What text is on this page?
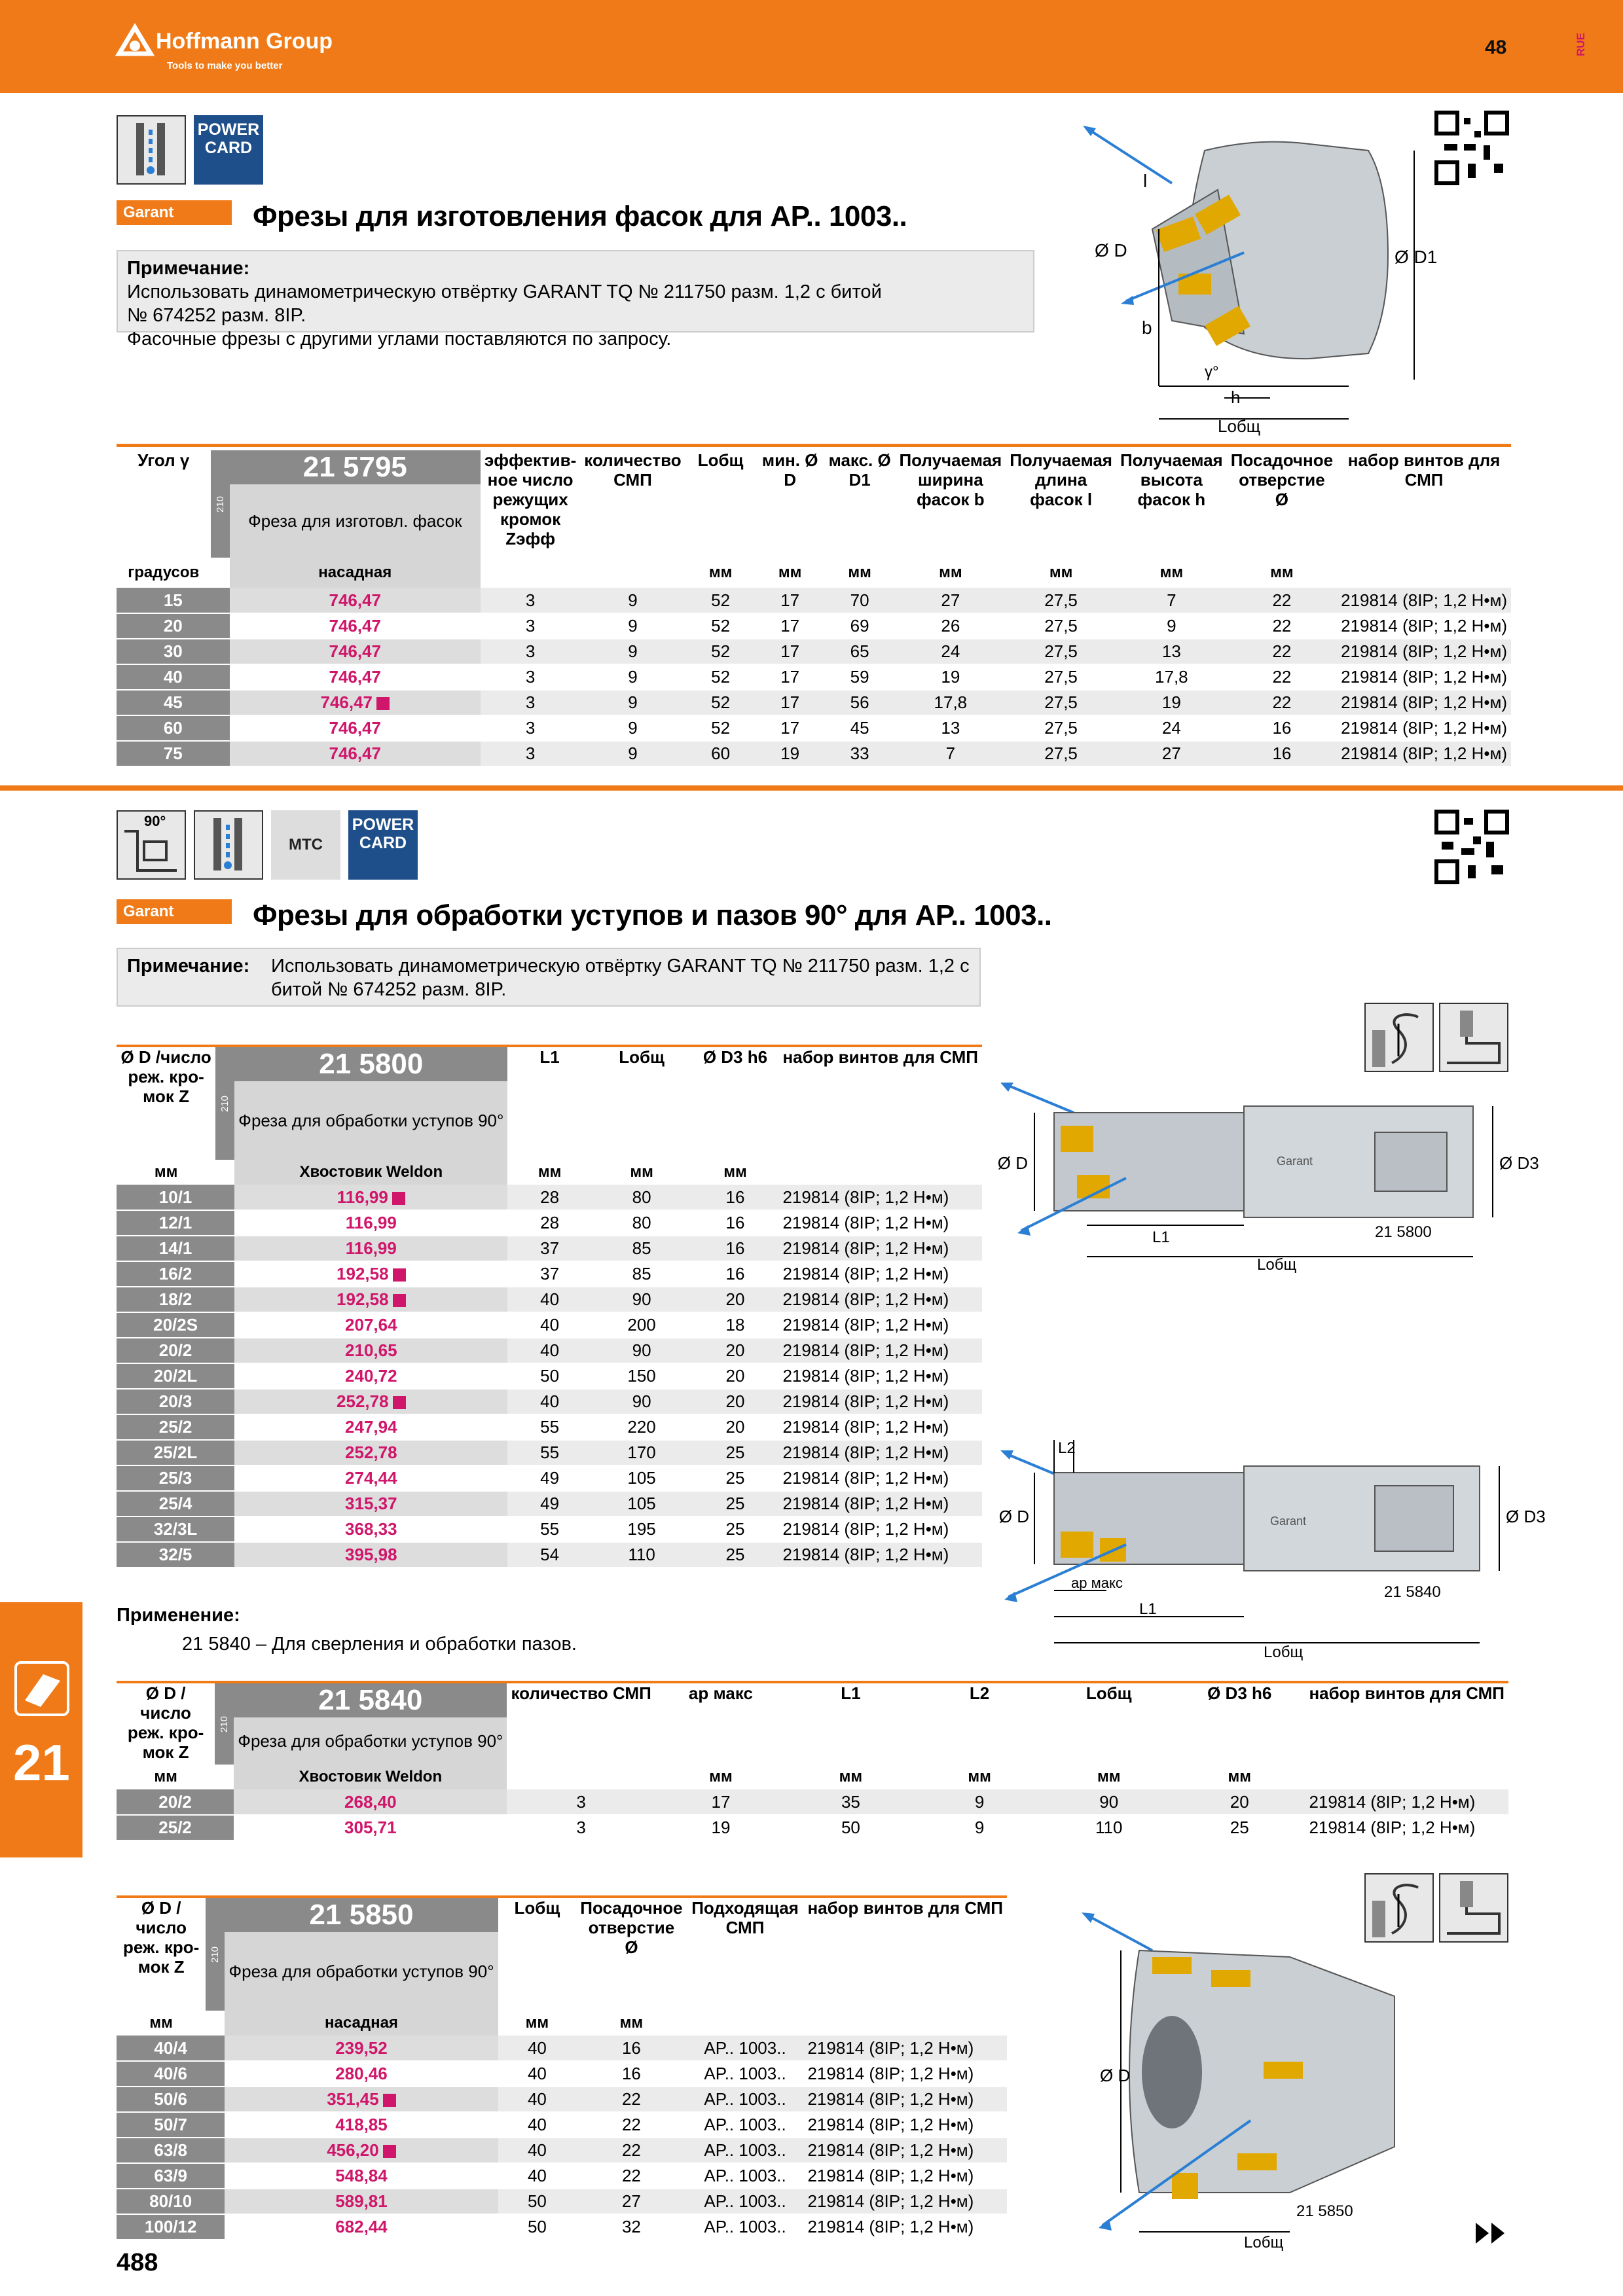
Hoffmann Group
Tools to make you better
48	RUE
POWER CARD
Garant	Фрезы для изготовления фасок для AP.. 1003..
Примечание:
Использовать динамометрическую отвёртку GARANT TQ № 211750 разм. 1,2 с битой
№ 674252 разм. 8IP.
Фасочные фрезы с другими углами поставляются по запросу.
Ø D	Ø D1
b
l
γ°
h
Lобщ
Угол γ	210	21 5795	эффектив-ное число режущих кромок Zэфф	количество СМП	Lобщ	мин. Ø D	макс. Ø D1	Получаемая ширина фасок b	Получаемая длина фасок l	Получаемая высота фасок h	Посадочное отверстие Ø	набор винтов для СМП
		Фреза для изготовл. фасок										
градусов		насадная			мм	мм	мм	мм	мм	мм	мм	
15		746,47	3	9	52	17	70	27	27,5	7	22	219814 (8IP; 1,2 Н•м)
20		746,47	3	9	52	17	69	26	27,5	9	22	219814 (8IP; 1,2 Н•м)
30		746,47	3	9	52	17	65	24	27,5	13	22	219814 (8IP; 1,2 Н•м)
40		746,47	3	9	52	17	59	19	27,5	17,8	22	219814 (8IP; 1,2 Н•м)
45		746,47	3	9	52	17	56	17,8	27,5	19	22	219814 (8IP; 1,2 Н•м)
60		746,47	3	9	52	17	45	13	27,5	24	16	219814 (8IP; 1,2 Н•м)
75		746,47	3	9	60	19	33	7	27,5	27	16	219814 (8IP; 1,2 Н•м)
90°
MTC
POWER CARD
Garant	Фрезы для обработки уступов и пазов 90° для AP.. 1003..
Примечание: Использовать динамометрическую отвёртку GARANT TQ № 211750 разм. 1,2 с
битой № 674252 разм. 8IP.
Ø D /число реж. кро-мок Z	210	21 5800	L1	Lобщ	Ø D3 h6	набор винтов для СМП
		Фреза для обработки уступов 90°				
мм		Хвостовик Weldon	мм	мм	мм	
10/1		116,99	28	80	16	219814 (8IP; 1,2 Н•м)
12/1		116,99	28	80	16	219814 (8IP; 1,2 Н•м)
14/1		116,99	37	85	16	219814 (8IP; 1,2 Н•м)
16/2		192,58	37	85	16	219814 (8IP; 1,2 Н•м)
18/2		192,58	40	90	20	219814 (8IP; 1,2 Н•м)
20/2S		207,64	40	200	18	219814 (8IP; 1,2 Н•м)
20/2		210,65	40	90	20	219814 (8IP; 1,2 Н•м)
20/2L		240,72	50	150	20	219814 (8IP; 1,2 Н•м)
20/3		252,78	40	90	20	219814 (8IP; 1,2 Н•м)
25/2		247,94	55	220	20	219814 (8IP; 1,2 Н•м)
25/2L		252,78	55	170	25	219814 (8IP; 1,2 Н•м)
25/3		274,44	49	105	25	219814 (8IP; 1,2 Н•м)
25/4		315,37	49	105	25	219814 (8IP; 1,2 Н•м)
32/3L		368,33	55	195	25	219814 (8IP; 1,2 Н•м)
32/5		395,98	54	110	25	219814 (8IP; 1,2 Н•м)
Ø D	Ø D3
L1
Lобщ
21 5800
Garant
L2
Ø D	Ø D3
ap макс
L1
Lобщ
21 5840
Garant
Применение:
21 5840 – Для сверления и обработки пазов.
Ø D /число реж. кро-мок Z	210	21 5840	количество СМП	ap макс	L1	L2	Lобщ	Ø D3 h6	набор винтов для СМП
		Фреза для обработки уступов 90°							
мм		Хвостовик Weldon		мм	мм	мм	мм	мм	
20/2		268,40	3	17	35	9	90	20	219814 (8IP; 1,2 Н•м)
25/2		305,71	3	19	50	9	110	25	219814 (8IP; 1,2 Н•м)
21
Ø D /число реж. кро-мок Z	210	21 5850	Lобщ	Посадочное отверстие Ø	Подходящая СМП	набор винтов для СМП
		Фреза для обработки уступов 90°				
мм		насадная	мм	мм		
40/4		239,52	40	16	AP.. 1003..	219814 (8IP; 1,2 Н•м)
40/6		280,46	40	16	AP.. 1003..	219814 (8IP; 1,2 Н•м)
50/6		351,45	40	22	AP.. 1003..	219814 (8IP; 1,2 Н•м)
50/7		418,85	40	22	AP.. 1003..	219814 (8IP; 1,2 Н•м)
63/8		456,20	40	22	AP.. 1003..	219814 (8IP; 1,2 Н•м)
63/9		548,84	40	22	AP.. 1003..	219814 (8IP; 1,2 Н•м)
80/10		589,81	50	27	AP.. 1003..	219814 (8IP; 1,2 Н•м)
100/12		682,44	50	32	AP.. 1003..	219814 (8IP; 1,2 Н•м)
Ø D
21 5850
Lобщ
488
